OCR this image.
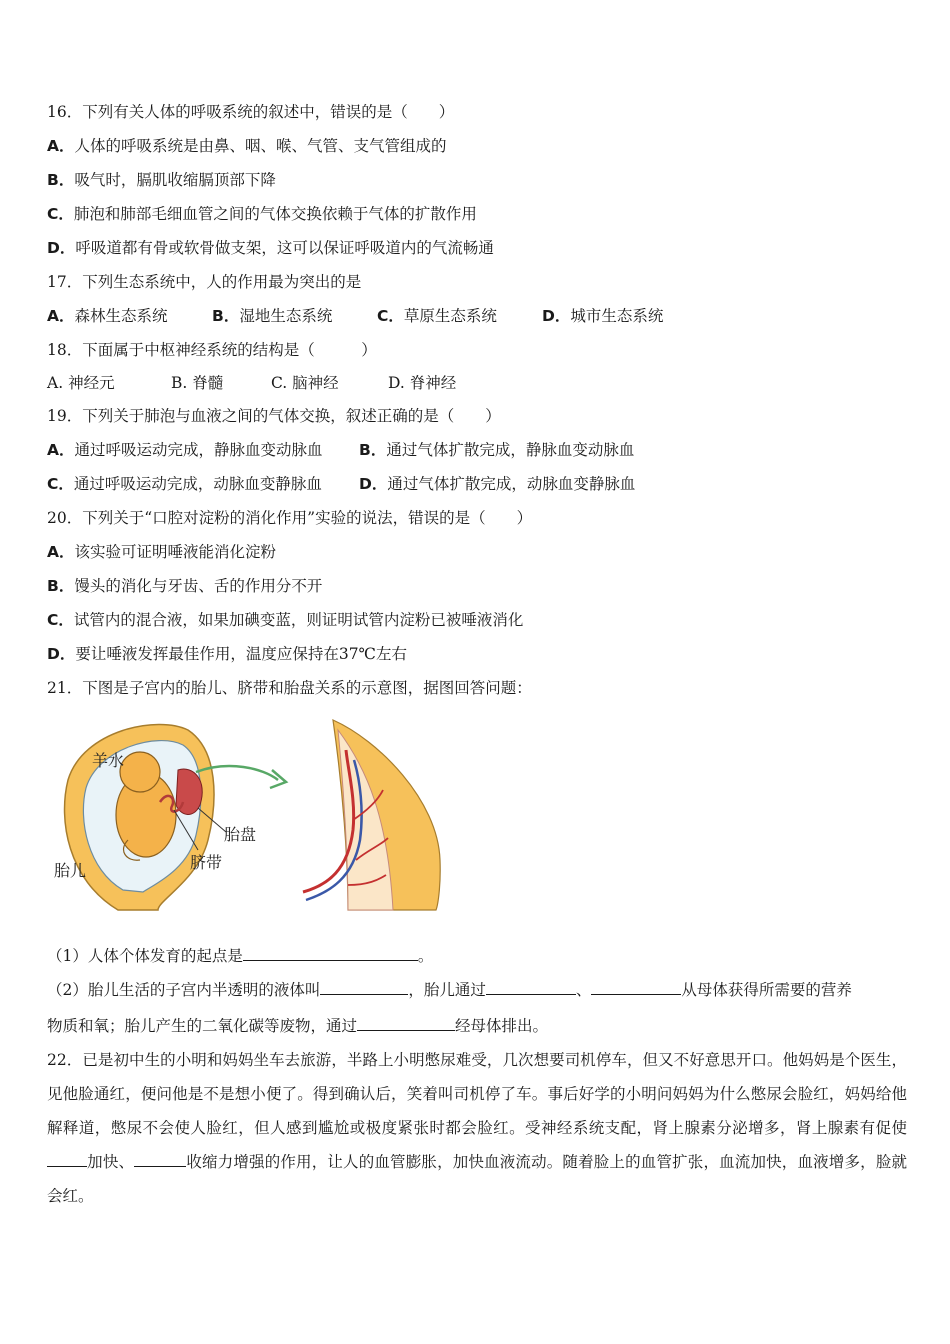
16．下列有关人体的呼吸系统的叙述中，错误的是（　　）
A．人体的呼吸系统是由鼻、咽、喉、气管、支气管组成的
B．吸气时，膈肌收缩膈顶部下降
C．肺泡和肺部毛细血管之间的气体交换依赖于气体的扩散作用
D．呼吸道都有骨或软骨做支架，这可以保证呼吸道内的气流畅通
17．下列生态系统中，人的作用最为突出的是
A．森林生态系统	B．湿地生态系统	C．草原生态系统	D．城市生态系统
18．下面属于中枢神经系统的结构是（　　　）
A. 神经元	B. 脊髓	C. 脑神经	D. 脊神经
19．下列关于肺泡与血液之间的气体交换，叙述正确的是（　　）
A．通过呼吸运动完成，静脉血变动脉血 B．通过气体扩散完成，静脉血变动脉血
C．通过呼吸运动完成，动脉血变静脉血 D．通过气体扩散完成，动脉血变静脉血
20．下列关于“口腔对淀粉的消化作用”实验的说法，错误的是（　　）
A．该实验可证明唾液能消化淀粉
B．馒头的消化与牙齿、舌的作用分不开
C．试管内的混合液，如果加碘变蓝，则证明试管内淀粉已被唾液消化
D．要让唾液发挥最佳作用，温度应保持在37℃左右
21．下图是子宫内的胎儿、脐带和胎盘关系的示意图，据图回答问题：
羊水
胎盘
脐带
胎儿
（1）人体个体发育的起点是	。
（2）胎儿生活的子宫内半透明的液体叫	，胎儿通过	、	从母体获得所需要的营养
物质和氧；胎儿产生的二氧化碳等废物，通过	经母体排出。
22．已是初中生的小明和妈妈坐车去旅游，半路上小明憋尿难受，几次想要司机停车，但又不好意思开口。他妈妈是个医生，见他脸通红，便问他是不是想小便了。得到确认后，笑着叫司机停了车。事后好学的小明问妈妈为什么憋尿会脸红，妈妈给他解释道，憋尿不会使人脸红，但人感到尴尬或极度紧张时都会脸红。受神经系统支配，肾上腺素分泌增多，肾上腺素有促使加快、	收缩力增强的作用，让人的血管膨胀，加快血液流动。随着脸上的血管扩张，血流加快，血液增多，脸就会红。
